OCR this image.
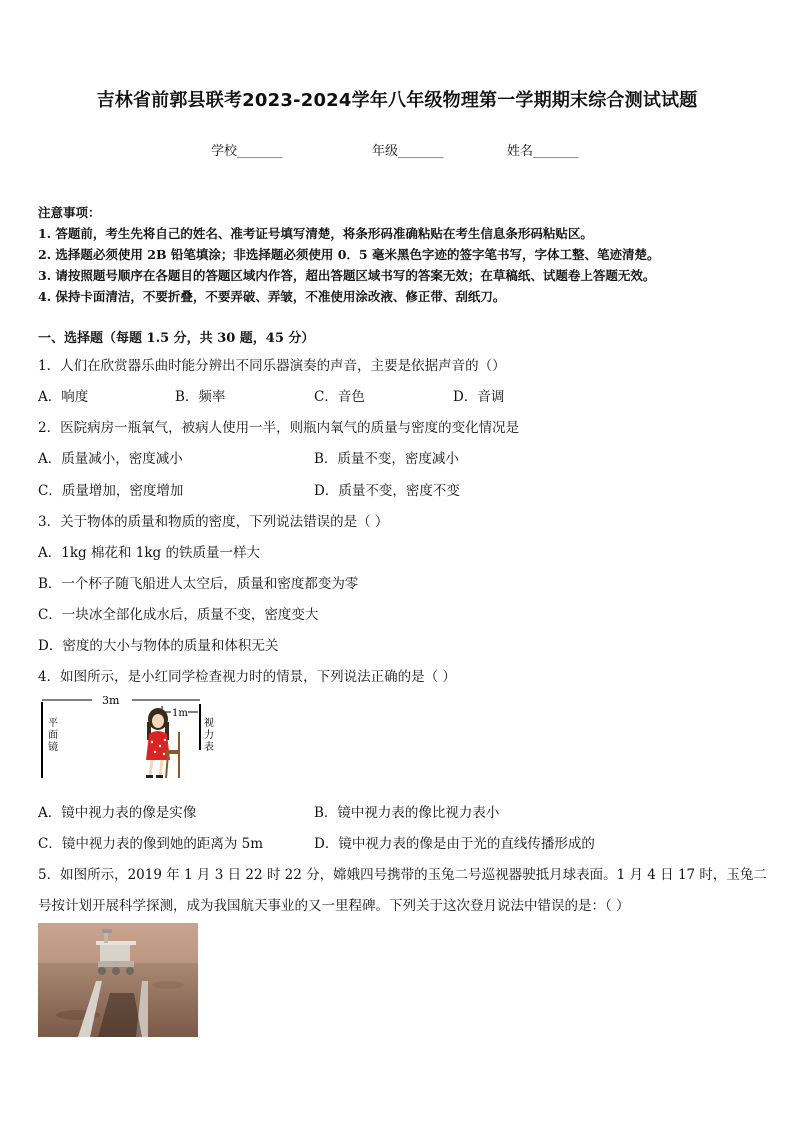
吉林省前郭县联考2023-2024学年八年级物理第一学期期末综合测试试题
学校_______	年级_______	姓名_______
注意事项：
1. 答题前，考生先将自己的姓名、准考证号填写清楚，将条形码准确粘贴在考生信息条形码粘贴区。
2. 选择题必须使用 2B 铅笔填涂；非选择题必须使用 0．5 毫米黑色字迹的签字笔书写，字体工整、笔迹清楚。
3. 请按照题号顺序在各题目的答题区域内作答，超出答题区域书写的答案无效；在草稿纸、试题卷上答题无效。
4. 保持卡面清洁，不要折叠，不要弄破、弄皱，不准使用涂改液、修正带、刮纸刀。
一、选择题（每题 1.5 分，共 30 题，45 分）
1．人们在欣赏器乐曲时能分辨出不同乐器演奏的声音，主要是依据声音的（）
A．响度	B．频率	C．音色	D．音调
2．医院病房一瓶氧气，被病人使用一半，则瓶内氧气的质量与密度的变化情况是
A．质量减小，密度减小	B．质量不变，密度减小
C．质量增加，密度增加	D．质量不变，密度不变
3．关于物体的质量和物质的密度，下列说法错误的是（ ）
A．1kg 棉花和 1kg 的铁质量一样大
B．一个杯子随飞船进人太空后，质量和密度都变为零
C．一块冰全部化成水后，质量不变，密度变大
D．密度的大小与物体的质量和体积无关
4．如图所示，是小红同学检查视力时的情景，下列说法正确的是（ ）
3m
1m
平
面
镜
视
力
表
A．镜中视力表的像是实像	B．镜中视力表的像比视力表小
C．镜中视力表的像到她的距离为 5m	D．镜中视力表的像是由于光的直线传播形成的
5．如图所示，2019 年 1 月 3 日 22 时 22 分，嫦娥四号携带的玉兔二号巡视器驶抵月球表面。1 月 4 日 17 时，玉兔二
号按计划开展科学探测，成为我国航天事业的又一里程碑。下列关于这次登月说法中错误的是：（ ）
